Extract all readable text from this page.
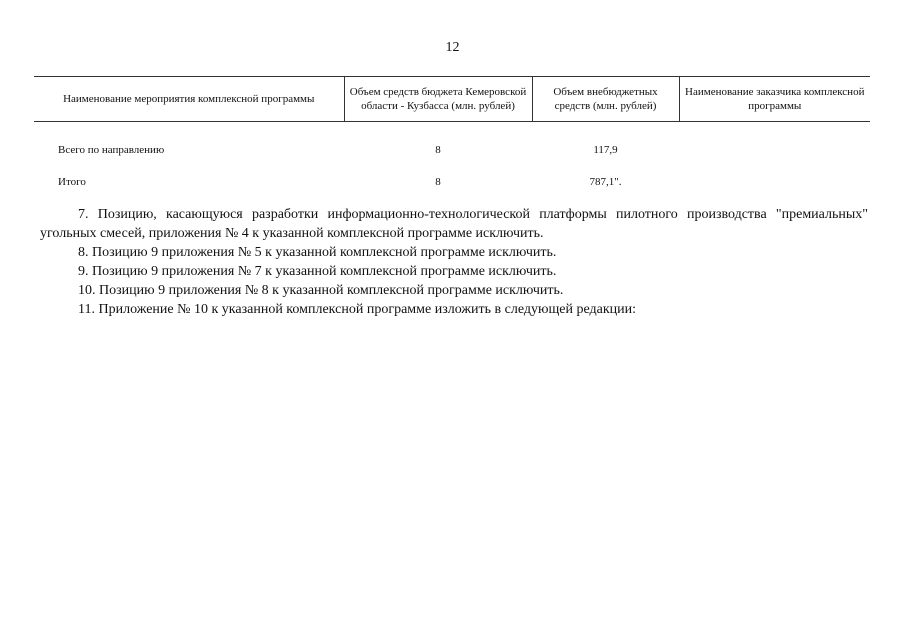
12
Наименование мероприятия комплексной программы	Объем средств бюджета Кемеровской области - Кузбасса (млн. рублей)	Объем внебюджетных средств (млн. рублей)	Наименование заказчика комплексной программы

Всего по направлению	8	117,9	
Итого	8	787,1".	

7. Позицию, касающуюся разработки информационно-технологической платформы пилотного производства "премиальных" угольных смесей, приложения № 4 к указанной комплексной программе исключить.

8. Позицию 9 приложения № 5 к указанной комплексной программе исключить.

9. Позицию 9 приложения № 7 к указанной комплексной программе исключить.

10. Позицию 9 приложения № 8 к указанной комплексной программе исключить.

11. Приложение № 10 к указанной комплексной программе изложить в следующей редакции:
